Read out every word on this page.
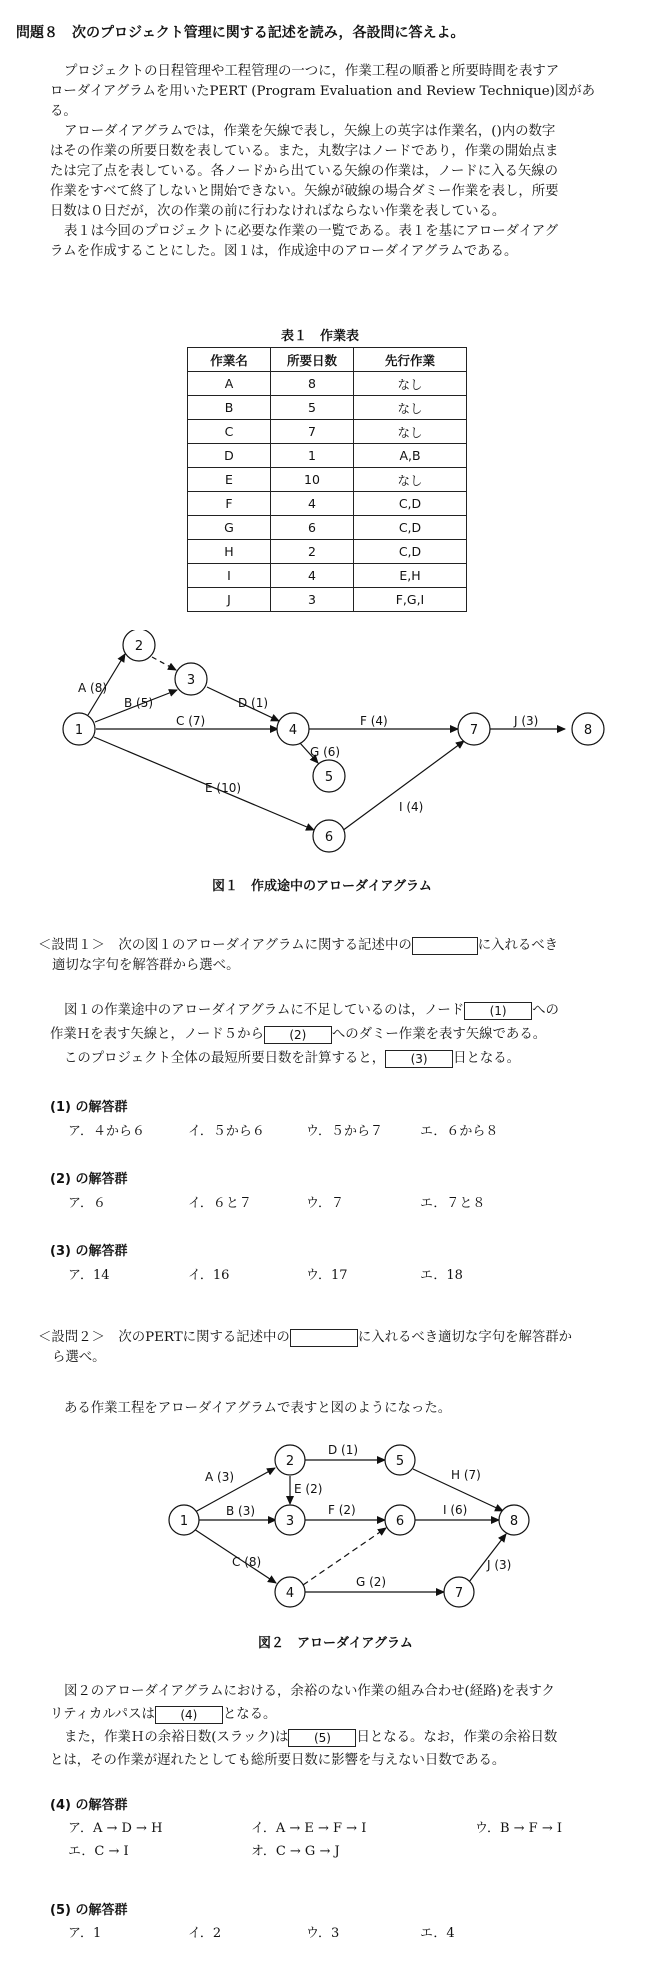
問題８　次のプロジェクト管理に関する記述を読み，各設問に答えよ。
プロジェクトの日程管理や工程管理の一つに，作業工程の順番と所要時間を表すア
ローダイアグラムを用いたPERT (Program Evaluation and Review Technique)図があ
る。
アローダイアグラムでは，作業を矢線で表し，矢線上の英字は作業名，()内の数字
はその作業の所要日数を表している。また，丸数字はノードであり，作業の開始点ま
たは完了点を表している。各ノードから出ている矢線の作業は，ノードに入る矢線の
作業をすべて終了しないと開始できない。矢線が破線の場合ダミー作業を表し，所要
日数は０日だが，次の作業の前に行わなければならない作業を表している。
表１は今回のプロジェクトに必要な作業の一覧である。表１を基にアローダイアグ
ラムを作成することにした。図１は，作成途中のアローダイアグラムである。
表１　作業表
作業名	所要日数	先行作業
A	8	なし
B	5	なし
C	7	なし
D	1	A,B
E	10	なし
F	4	C,D
G	6	C,D
H	2	C,D
I	4	E,H
J	3	F,G,I
1
2
3
4
5
6
7	8
A (8)
B (5)
C (7)
D (1)
E (10)
F (4)
G (6)
I (4)
J (3)
図１　作成途中のアローダイアグラム
＜設問１＞　次の図１のアローダイアグラムに関する記述中の	に入れるべき
適切な字句を解答群から選べ。
図１の作業途中のアローダイアグラムに不足しているのは，ノード (1) への
作業Ｈを表す矢線と，ノード５から (2) へのダミー作業を表す矢線である。
このプロジェクト全体の最短所要日数を計算すると， (3) 日となる。
(1) の解答群
ア．４から６	イ．５から６	ウ．５から７	エ．６から８
(2) の解答群
ア．６	イ．６と７	ウ．７	エ．７と８
(3) の解答群
ア．14	イ．16	ウ．17	エ．18
＜設問２＞　次のPERTに関する記述中の	に入れるべき適切な字句を解答群か
ら選べ。
ある作業工程をアローダイアグラムで表すと図のようになった。
1
2
3
4
5
6
7
8
A (3)
B (3)
C (8)
D (1)
E (2)
F (2)
G (2)
H (7)
I (6)
J (3)
図２　アローダイアグラム
図２のアローダイアグラムにおける，余裕のない作業の組み合わせ(経路)を表すク
リティカルパスは (4) となる。
また，作業Ｈの余裕日数(スラック)は (5) 日となる。なお，作業の余裕日数
とは，その作業が遅れたとしても総所要日数に影響を与えない日数である。
(4) の解答群
ア．A → D → H	イ．A → E → F → I	ウ．B → F → I
エ．C → I	オ．C → G → J
(5) の解答群
ア．1	イ．2	ウ．3	エ．4
